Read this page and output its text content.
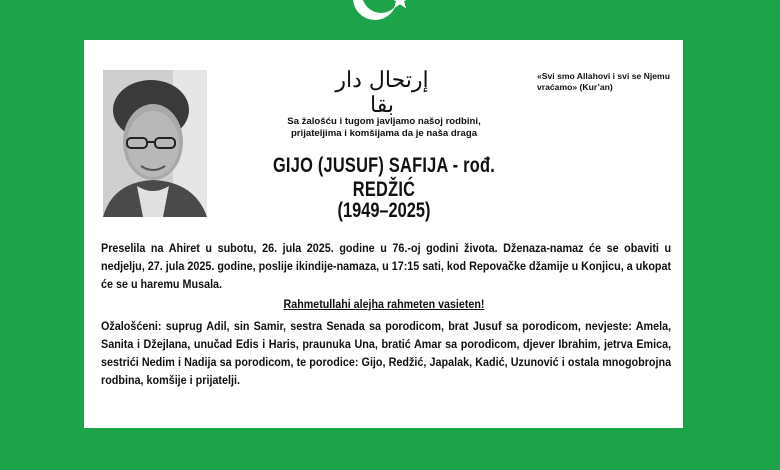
إرتحال دار بقا
«Svi smo Allahovi i svi se Njemu vraćamo» (Kur’an)
Sa žalošću i tugom javljamo našoj rodbini, prijateljima i komšijama da je naša draga
GIJO (JUSUF) SAFIJA - rođ. REDŽIĆ
(1949–2025)
Preselila na Ahiret u subotu, 26. jula 2025. godine u 76.-oj godini života. Dženaza-namaz će se obaviti u nedjelju, 27. jula 2025. godine, poslije ikindije-namaza, u 17:15 sati, kod Repovačke džamije u Konjicu, a ukopat će se u haremu Musala.
Rahmetullahi alejha rahmeten vasieten!
Ožalošćeni: suprug Adil, sin Samir, sestra Senada sa porodicom, brat Jusuf sa porodicom, nevjeste: Amela, Sanita i Džejlana, unučad Edis i Haris, praunuka Una, bratić Amar sa porodicom, djever Ibrahim, jetrva Emica, sestrići Nedim i Nadija sa porodicom, te porodice: Gijo, Redžić, Japalak, Kadić, Uzunović i ostala mnogobrojna rodbina, komšije i prijatelji.
